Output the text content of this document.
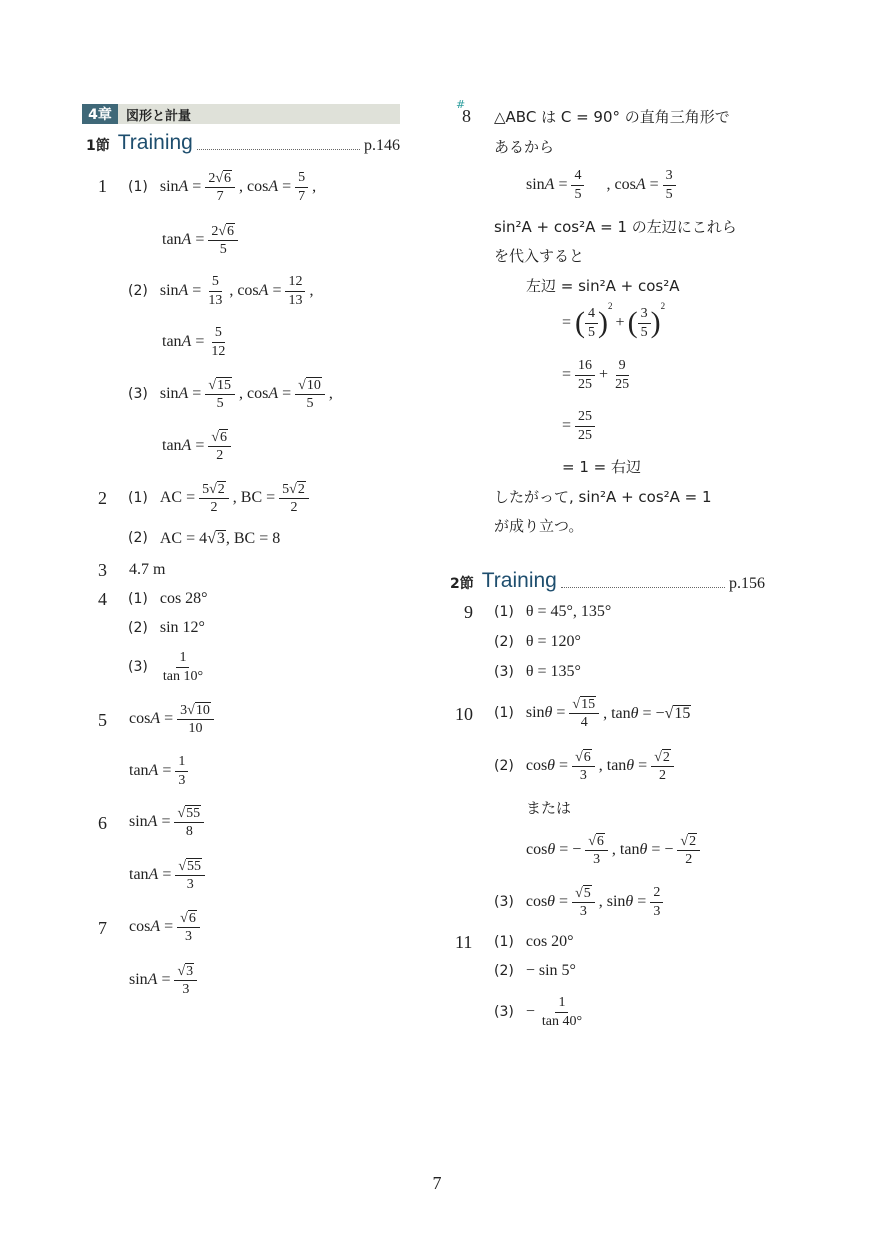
4章	図形と計量
1節 Training	p.146
1 (1) $\sin A = \frac{2√6}{7}$ , $\cos A = \frac{5}{7}$ ,
$\tan A = \frac{2√6}{5}$
(2) $\sin A = \frac{5}{13}$ , $\cos A = \frac{12}{13}$ ,
$\tan A = \frac{5}{12}$
(3) $\sin A = \frac{√15}{5}$ , $\cos A = \frac{√10}{5}$ ,
$\tan A = \frac{√6}{2}$
2 (1) AC = $\frac{5√2}{2}$ , BC = $\frac{5√2}{2}$
(2) AC = 4√3, BC = 8
3 4.7 m
4 (1) cos 28°
(2) sin 12°
$(3) \frac{1}{\tan 10^\circ}$
5 $\cos A = \frac{3√10}{10}$
$\tan A = \frac{1}{3}$
6 $\sin A = \frac{√55}{8}$
$\tan A = \frac{√55}{3}$
7 $\cos A = \frac{√6}{3}$
$\sin A = \frac{√3}{3}$
#
8 △ABC は C = 90° の直角三角形で
あるから
$\sin A = \frac{4}{5}$ , $\cos A = \frac{3}{5}$
sin²A + cos²A = 1 の左辺にこれら
を代入すると
左辺 = sin²A + cos²A
= ( $\frac{4}{5} )^2$
+ ( $\frac{3}{5} )^2$
= $\frac{16}{25} + \frac{9}{25}$
= $\frac{25}{25}$
= 1 = 右辺
したがって, sin²A + cos²A = 1
が成り立つ。
2節 Training	p.156
9 (1) θ = 45°, 135°
(2) θ = 120°
(3) θ = 135°
10 (1) $\sin\theta = \frac{√15}{4}$ , tanθ = −√15
(2) $\cos\theta = \frac{√6}{3}$ , $\tan\theta = \frac{√2}{2}$
または
cosθ = − $\frac{√6}{3}$ , tanθ = − $\frac{√2}{2}$
(3) $\cos\theta = \frac{√5}{3}$ , $\sin\theta = \frac{2}{3}$
11 (1) cos 20°
(2) − sin 5°
$(3) - \frac{1}{\tan 40^\circ}$
7
